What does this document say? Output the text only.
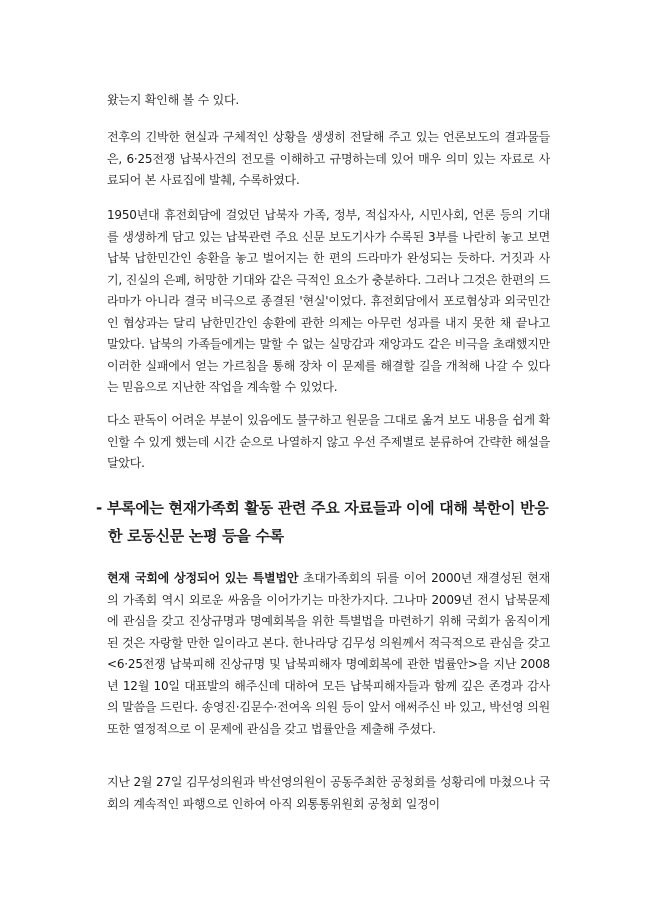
왔는지 확인해 볼 수 있다.

전후의 긴박한 현실과 구체적인 상황을 생생히 전달해 주고 있는 언론보도의 결과물들은, 6·25전쟁 납북사건의 전모를 이해하고 규명하는데 있어 매우 의미 있는 자료로 사료되어 본 사료집에 발췌, 수록하였다.

1950년대 휴전회담에 걸었던 납북자 가족, 정부, 적십자사, 시민사회, 언론 등의 기대를 생생하게 담고 있는 납북관련 주요 신문 보도기사가 수록된 3부를 나란히 놓고 보면 납북 납한민간인 송환을 놓고 벌어지는 한 편의 드라마가 완성되는 듯하다. 거짓과 사기, 진실의 은폐, 허망한 기대와 같은 극적인 요소가 충분하다. 그러나 그것은 한편의 드라마가 아니라 결국 비극으로 종결된 '현실'이었다. 휴전회담에서 포로협상과 외국민간인 협상과는 달리 남한민간인 송환에 관한 의제는 아무런 성과를 내지 못한 채 끝나고 말았다. 납북의 가족들에게는 말할 수 없는 실망감과 재앙과도 같은 비극을 초래했지만 이러한 실패에서 얻는 가르침을 통해 장차 이 문제를 해결할 길을 개척해 나갈 수 있다는 믿음으로 지난한 작업을 계속할 수 있었다.

다소 판독이 어려운 부분이 있음에도 불구하고 원문을 그대로 옮겨 보도 내용을 쉽게 확인할 수 있게 했는데 시간 순으로 나열하지 않고 우선 주제별로 분류하여 간략한 해설을 달았다.

- 부록에는 현재가족회 활동 관련 주요 자료들과 이에 대해 북한이 반응한 로동신문 논평 등을 수록

현재 국회에 상정되어 있는 특별법안 초대가족회의 뒤를 이어 2000년 재결성된 현재의 가족회 역시 외로운 싸움을 이어가기는 마찬가지다. 그나마 2009년 전시 납북문제에 관심을 갖고 진상규명과 명예회복을 위한 특별법을 마련하기 위해 국회가 움직이게 된 것은 자랑할 만한 일이라고 본다. 한나라당 김무성 의원께서 적극적으로 관심을 갖고<6·25전쟁 납북피해 진상규명 및 납북피해자 명예회복에 관한 법률안>을 지난 2008년 12월 10일 대표발의 해주신데 대하여 모든 납북피해자들과 함께 깊은 존경과 감사의 말씀을 드린다. 송영진·김문수·전여옥 의원 등이 앞서 애써주신 바 있고, 박선영 의원 또한 열정적으로 이 문제에 관심을 갖고 법률안을 제출해 주셨다.

지난 2월 27일 김무성의원과 박선영의원이 공동주최한 공청회를 성황리에 마쳤으나 국회의 계속적인 파행으로 인하여 아직 외통통위원회 공청회 일정이
